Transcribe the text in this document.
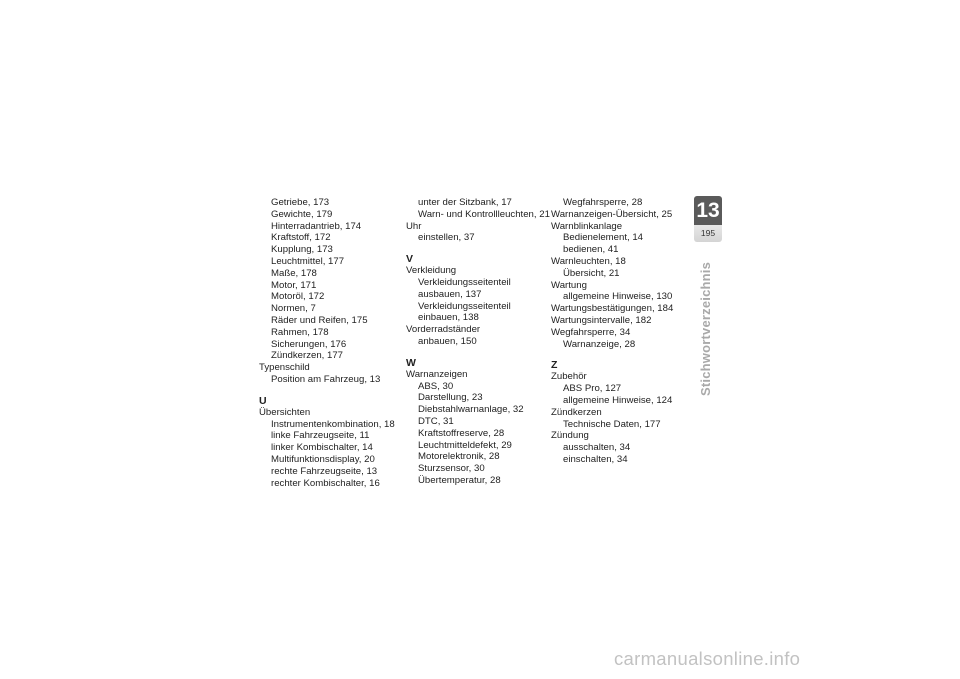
Getriebe, 173
Gewichte, 179
Hinterradantrieb, 174
Kraftstoff, 172
Kupplung, 173
Leuchtmittel, 177
Maße, 178
Motor, 171
Motoröl, 172
Normen, 7
Räder und Reifen, 175
Rahmen, 178
Sicherungen, 176
Zündkerzen, 177
Typenschild
Position am Fahrzeug, 13
U
Übersichten
Instrumentenkombination, 18
linke Fahrzeugseite, 11
linker Kombischalter, 14
Multifunktionsdisplay, 20
rechte Fahrzeugseite, 13
rechter Kombischalter, 16
unter der Sitzbank, 17
Warn- und Kontrollleuchten, 21
Uhr
einstellen, 37
V
Verkleidung
Verkleidungsseitenteil
ausbauen, 137
Verkleidungsseitenteil
einbauen, 138
Vorderradständer
anbauen, 150
W
Warnanzeigen
ABS, 30
Darstellung, 23
Diebstahlwarnanlage, 32
DTC, 31
Kraftstoffreserve, 28
Leuchtmitteldefekt, 29
Motorelektronik, 28
Sturzsensor, 30
Übertemperatur, 28
Wegfahrsperre, 28
Warnanzeigen-Übersicht, 25
Warnblinkanlage
Bedienelement, 14
bedienen, 41
Warnleuchten, 18
Übersicht, 21
Wartung
allgemeine Hinweise, 130
Wartungsbestätigungen, 184
Wartungsintervalle, 182
Wegfahrsperre, 34
Warnanzeige, 28
Z
Zubehör
ABS Pro, 127
allgemeine Hinweise, 124
Zündkerzen
Technische Daten, 177
Zündung
ausschalten, 34
einschalten, 34
13
195
Stichwortverzeichnis
carmanualsonline.info
